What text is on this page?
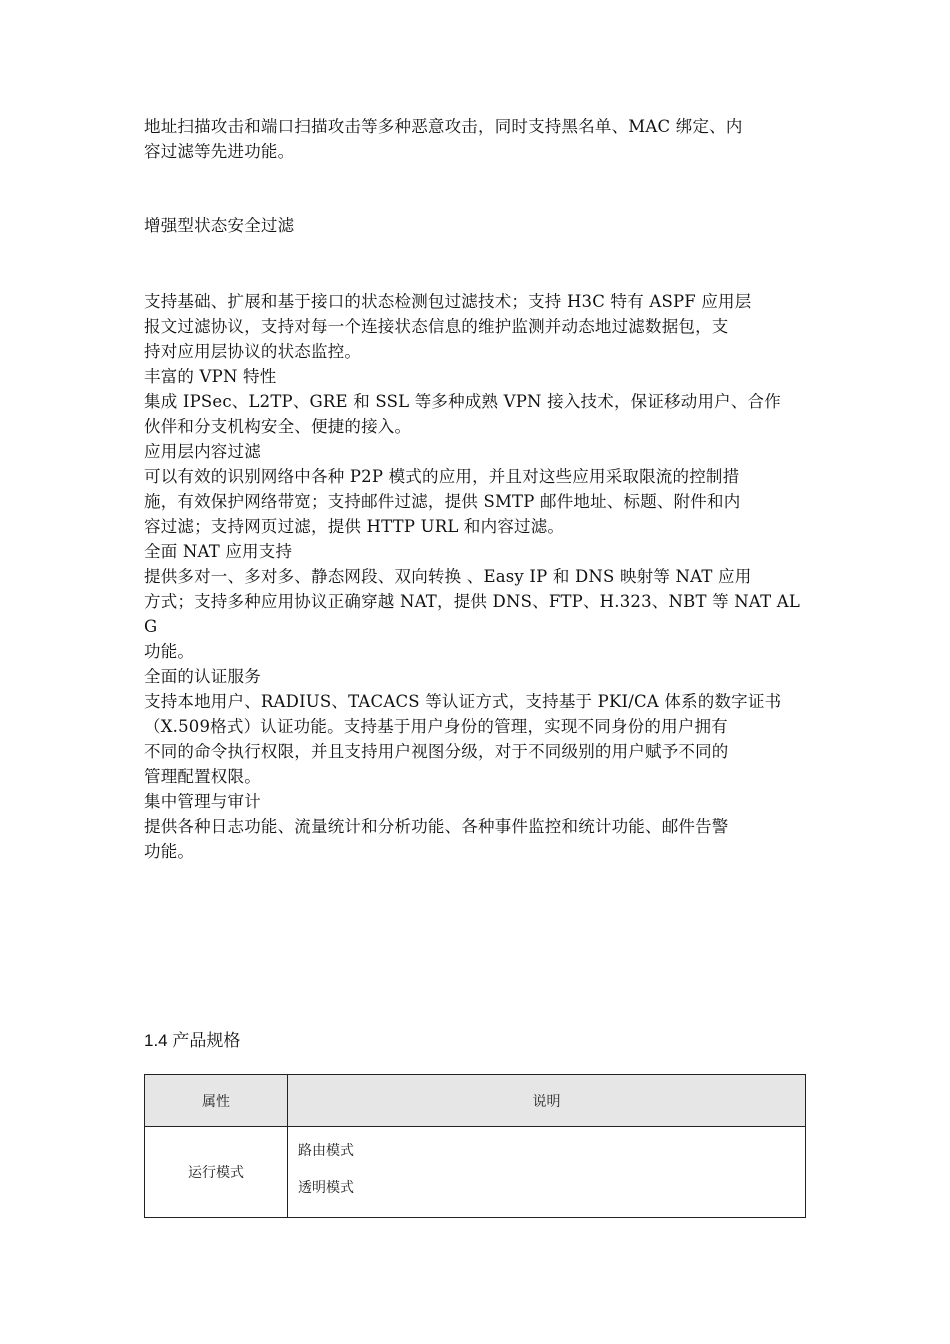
地址扫描攻击和端口扫描攻击等多种恶意攻击，同时支持黑名单、MAC 绑定、内
容过滤等先进功能。
增强型状态安全过滤
支持基础、扩展和基于接口的状态检测包过滤技术；支持 H3C 特有 ASPF 应用层
报文过滤协议，支持对每一个连接状态信息的维护监测并动态地过滤数据包，支
持对应用层协议的状态监控。
丰富的 VPN 特性
集成 IPSec、L2TP、GRE 和 SSL 等多种成熟 VPN 接入技术，保证移动用户、合作
伙伴和分支机构安全、便捷的接入。
应用层内容过滤
可以有效的识别网络中各种 P2P 模式的应用，并且对这些应用采取限流的控制措
施，有效保护网络带宽；支持邮件过滤，提供 SMTP 邮件地址、标题、附件和内
容过滤；支持网页过滤，提供 HTTP URL 和内容过滤。
全面 NAT 应用支持
提供多对一、多对多、静态网段、双向转换 、Easy IP 和 DNS 映射等 NAT 应用
方式；支持多种应用协议正确穿越 NAT，提供 DNS、FTP、H.323、NBT 等 NAT ALG
功能。
全面的认证服务
支持本地用户、RADIUS、TACACS 等认证方式，支持基于 PKI/CA 体系的数字证书
（X.509格式）认证功能。支持基于用户身份的管理，实现不同身份的用户拥有
不同的命令执行权限，并且支持用户视图分级，对于不同级别的用户赋予不同的
管理配置权限。
集中管理与审计
提供各种日志功能、流量统计和分析功能、各种事件监控和统计功能、邮件告警
功能。
1.4 产品规格
属性	说明
运行模式	路由模式
透明模式
